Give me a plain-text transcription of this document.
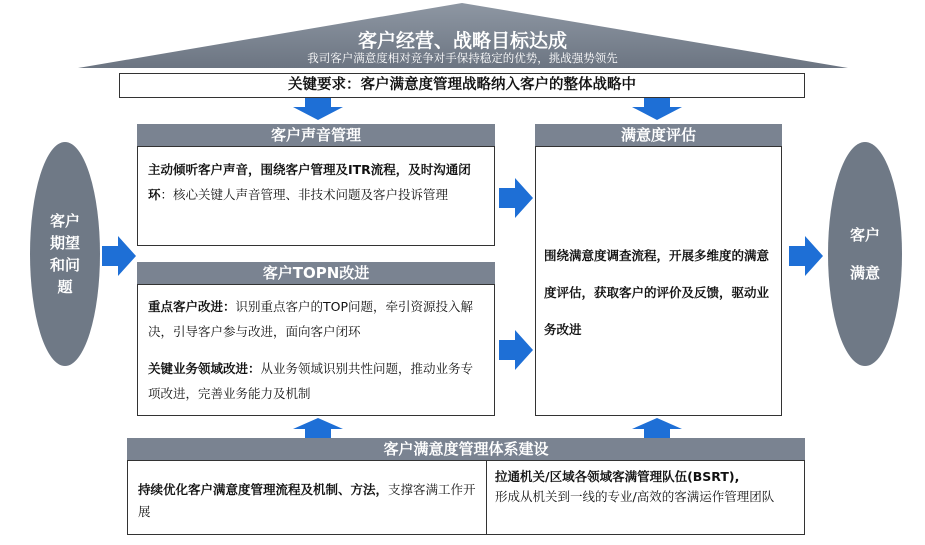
客户经营、战略目标达成
我司客户满意度相对竞争对手保持稳定的优势，挑战强势领先
关键要求：客户满意度管理战略纳入客户的整体战略中
客户
期望
和问
题
客户
满意
客户声音管理
主动倾听客户声音，围绕客户管理及ITR流程，及时沟通闭环：核心关键人声音管理、非技术问题及客户投诉管理
客户TOPN改进
重点客户改进：识别重点客户的TOP问题，牵引资源投入解决，引导客户参与改进，面向客户闭环
关键业务领域改进：从业务领域识别共性问题，推动业务专项改进，完善业务能力及机制
满意度评估
围绕满意度调查流程，开展多维度的满意度评估，获取客户的评价及反馈，驱动业务改进
客户满意度管理体系建设
持续优化客户满意度管理流程及机制、方法，支撑客满工作开展
拉通机关/区域各领域客满管理队伍(BSRT),
形成从机关到一线的专业/高效的客满运作管理团队
